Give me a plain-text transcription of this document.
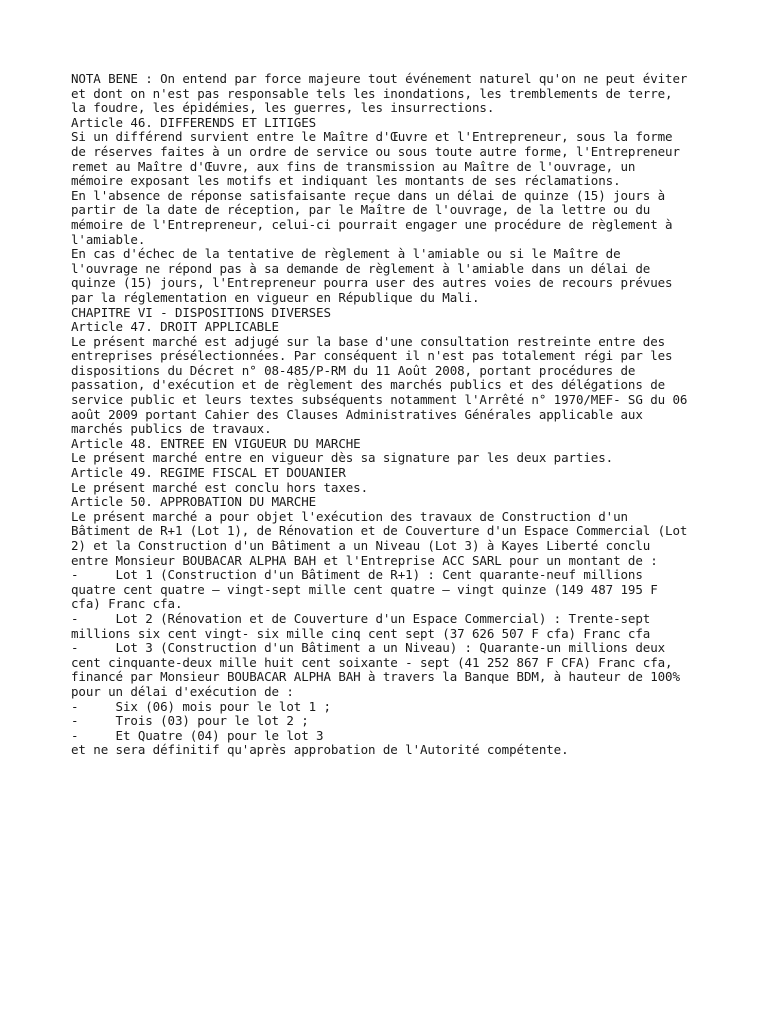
NOTA BENE : On entend par force majeure tout événement naturel qu'on ne peut éviter

et dont on n'est pas responsable tels les inondations, les tremblements de terre,

la foudre, les épidémies, les guerres, les insurrections.

Article 46. DIFFERENDS ET LITIGES

Si un différend survient entre le Maître d'Œuvre et l'Entrepreneur, sous la forme

de réserves faites à un ordre de service ou sous toute autre forme, l'Entrepreneur

remet au Maître d'Œuvre, aux fins de transmission au Maître de l'ouvrage, un

mémoire exposant les motifs et indiquant les montants de ses réclamations.

En l'absence de réponse satisfaisante reçue dans un délai de quinze (15) jours à

partir de la date de réception, par le Maître de l'ouvrage, de la lettre ou du

mémoire de l'Entrepreneur, celui-ci pourrait engager une procédure de règlement à

l'amiable.

En cas d'échec de la tentative de règlement à l'amiable ou si le Maître de

l'ouvrage ne répond pas à sa demande de règlement à l'amiable dans un délai de

quinze (15) jours, l'Entrepreneur pourra user des autres voies de recours prévues

par la réglementation en vigueur en République du Mali.

CHAPITRE VI - DISPOSITIONS DIVERSES

Article 47. DROIT APPLICABLE

Le présent marché est adjugé sur la base d'une consultation restreinte entre des

entreprises présélectionnées. Par conséquent il n'est pas totalement régi par les

dispositions du Décret n° 08-485/P-RM du 11 Août 2008, portant procédures de

passation, d'exécution et de règlement des marchés publics et des délégations de

service public et leurs textes subséquents notamment l'Arrêté n° 1970/MEF- SG du 06

août 2009 portant Cahier des Clauses Administratives Générales applicable aux

marchés publics de travaux.

Article 48. ENTREE EN VIGUEUR DU MARCHE

Le présent marché entre en vigueur dès sa signature par les deux parties.

Article 49. REGIME FISCAL ET DOUANIER

Le présent marché est conclu hors taxes.

Article 50. APPROBATION DU MARCHE

Le présent marché a pour objet l'exécution des travaux de Construction d'un

Bâtiment de R+1 (Lot 1), de Rénovation et de Couverture d'un Espace Commercial (Lot

2) et la Construction d'un Bâtiment a un Niveau (Lot 3) à Kayes Liberté conclu

entre Monsieur BOUBACAR ALPHA BAH et l'Entreprise ACC SARL pour un montant de :

-     Lot 1 (Construction d'un Bâtiment de R+1) : Cent quarante-neuf millions

quatre cent quatre – vingt-sept mille cent quatre – vingt quinze (149 487 195 F

cfa) Franc cfa.

-     Lot 2 (Rénovation et de Couverture d'un Espace Commercial) : Trente-sept

millions six cent vingt- six mille cinq cent sept (37 626 507 F cfa) Franc cfa

-     Lot 3 (Construction d'un Bâtiment a un Niveau) : Quarante-un millions deux

cent cinquante-deux mille huit cent soixante - sept (41 252 867 F CFA) Franc cfa,

financé par Monsieur BOUBACAR ALPHA BAH à travers la Banque BDM, à hauteur de 100%

pour un délai d'exécution de :

-     Six (06) mois pour le lot 1 ;

-     Trois (03) pour le lot 2 ;

-     Et Quatre (04) pour le lot 3

et ne sera définitif qu'après approbation de l'Autorité compétente.
